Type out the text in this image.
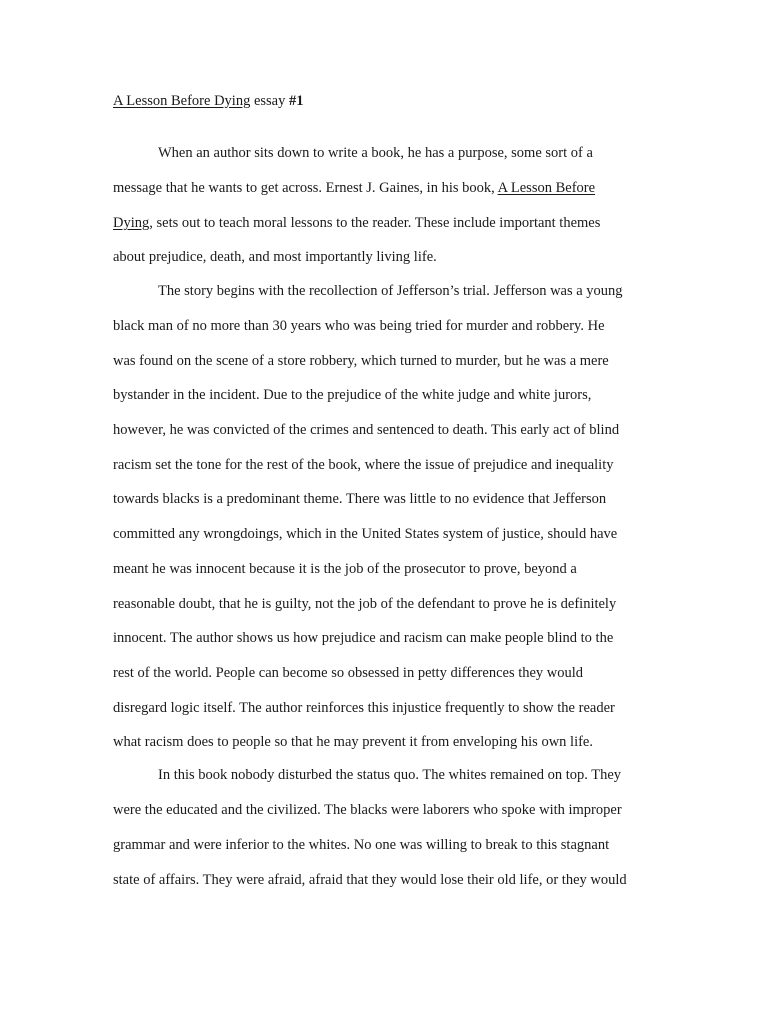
A Lesson Before Dying essay #1
When an author sits down to write a book, he has a purpose, some sort of a
message that he wants to get across. Ernest J. Gaines, in his book, A Lesson Before
Dying, sets out to teach moral lessons to the reader. These include important themes
about prejudice, death, and most importantly living life.
The story begins with the recollection of Jefferson’s trial. Jefferson was a young
black man of no more than 30 years who was being tried for murder and robbery. He
was found on the scene of a store robbery, which turned to murder, but he was a mere
bystander in the incident. Due to the prejudice of the white judge and white jurors,
however, he was convicted of the crimes and sentenced to death. This early act of blind
racism set the tone for the rest of the book, where the issue of prejudice and inequality
towards blacks is a predominant theme. There was little to no evidence that Jefferson
committed any wrongdoings, which in the United States system of justice, should have
meant he was innocent because it is the job of the prosecutor to prove, beyond a
reasonable doubt, that he is guilty, not the job of the defendant to prove he is definitely
innocent. The author shows us how prejudice and racism can make people blind to the
rest of the world. People can become so obsessed in petty differences they would
disregard logic itself. The author reinforces this injustice frequently to show the reader
what racism does to people so that he may prevent it from enveloping his own life.
In this book nobody disturbed the status quo. The whites remained on top. They
were the educated and the civilized. The blacks were laborers who spoke with improper
grammar and were inferior to the whites. No one was willing to break to this stagnant
state of affairs. They were afraid, afraid that they would lose their old life, or they would
